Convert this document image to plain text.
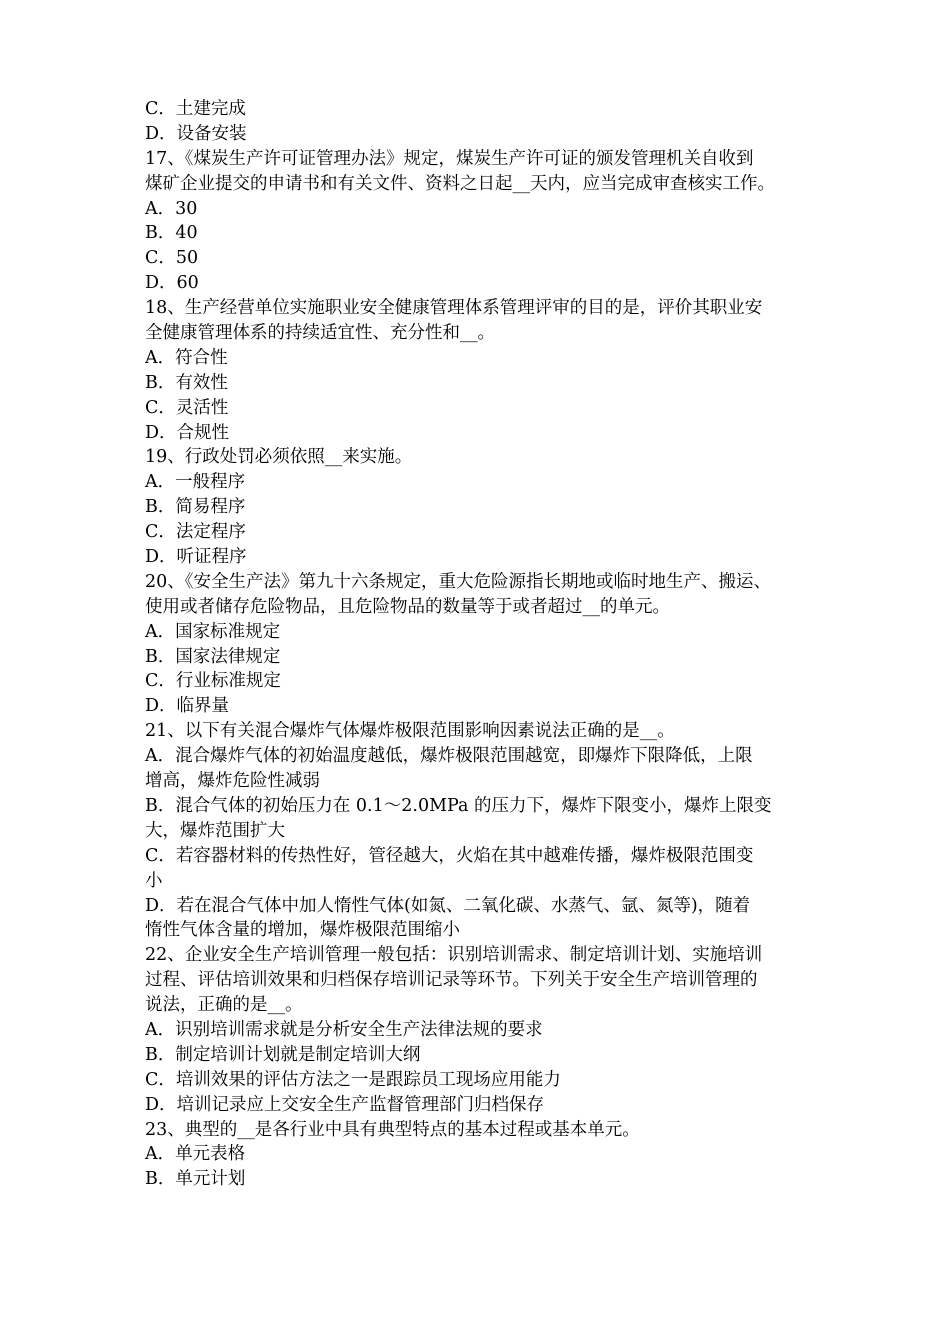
C．土建完成
D．设备安装
17、《煤炭生产许可证管理办法》规定，煤炭生产许可证的颁发管理机关自收到
煤矿企业提交的申请书和有关文件、资料之日起__天内，应当完成审查核实工作。
A．30
B．40
C．50
D．60
18、生产经营单位实施职业安全健康管理体系管理评审的目的是，评价其职业安
全健康管理体系的持续适宜性、充分性和__。
A．符合性
B．有效性
C．灵活性
D．合规性
19、行政处罚必须依照__来实施。
A．一般程序
B．简易程序
C．法定程序
D．听证程序
20、《安全生产法》第九十六条规定，重大危险源指长期地或临时地生产、搬运、
使用或者储存危险物品，且危险物品的数量等于或者超过__的单元。
A．国家标准规定
B．国家法律规定
C．行业标准规定
D．临界量
21、以下有关混合爆炸气体爆炸极限范围影响因素说法正确的是__。
A．混合爆炸气体的初始温度越低，爆炸极限范围越宽，即爆炸下限降低，上限
增高，爆炸危险性减弱
B．混合气体的初始压力在 0.1～2.0MPa 的压力下，爆炸下限变小，爆炸上限变
大，爆炸范围扩大
C．若容器材料的传热性好，管径越大，火焰在其中越难传播，爆炸极限范围变
小
D．若在混合气体中加人惰性气体(如氮、二氧化碳、水蒸气、氩、氮等)，随着
惰性气体含量的增加，爆炸极限范围缩小
22、企业安全生产培训管理一般包括：识别培训需求、制定培训计划、实施培训
过程、评估培训效果和归档保存培训记录等环节。下列关于安全生产培训管理的
说法，正确的是__。
A．识别培训需求就是分析安全生产法律法规的要求
B．制定培训计划就是制定培训大纲
C．培训效果的评估方法之一是跟踪员工现场应用能力
D．培训记录应上交安全生产监督管理部门归档保存
23、典型的__是各行业中具有典型特点的基本过程或基本单元。
A．单元表格
B．单元计划
